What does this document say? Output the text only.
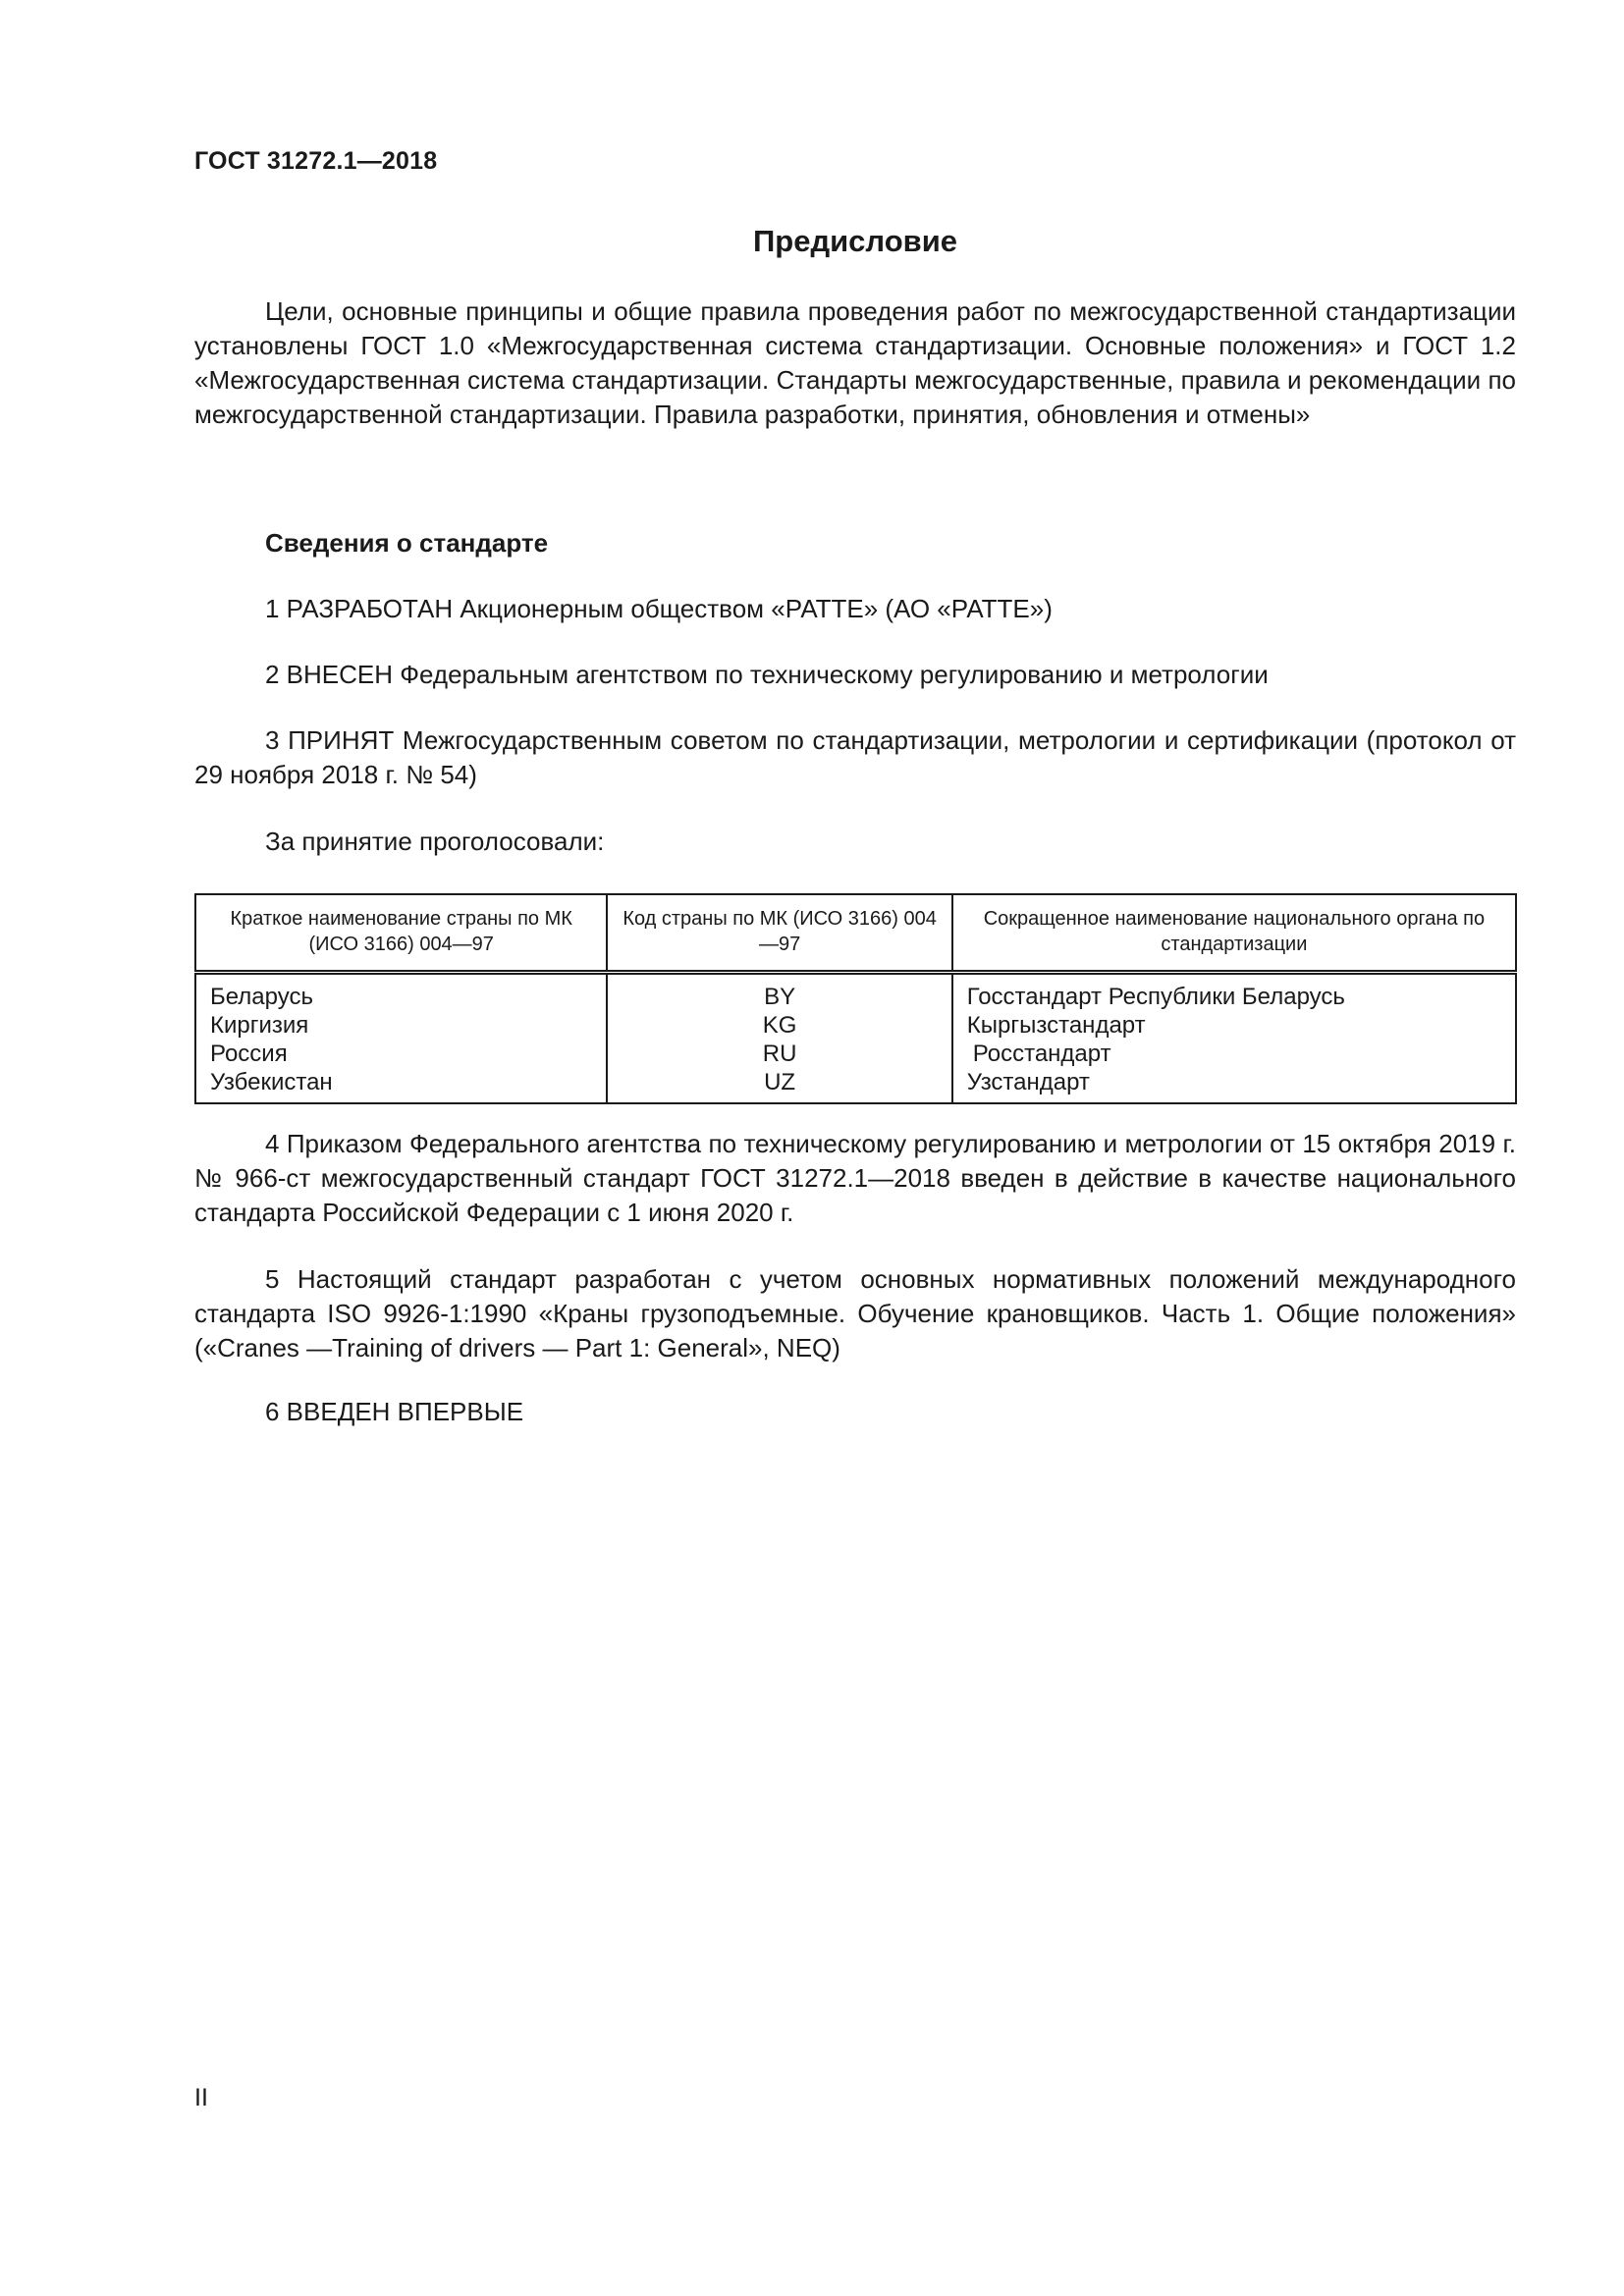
ГОСТ 31272.1—2018
Предисловие

Цели, основные принципы и общие правила проведения работ по межгосударственной стандартизации установлены ГОСТ 1.0 «Межгосударственная система стандартизации. Основные положения» и ГОСТ 1.2 «Межгосударственная система стандартизации. Стандарты межгосударственные, правила и рекомендации по межгосударственной стандартизации. Правила разработки, принятия, обновления и отмены»

Сведения о стандарте

1 РАЗРАБОТАН Акционерным обществом «РАТТЕ» (АО «РАТТЕ»)

2 ВНЕСЕН Федеральным агентством по техническому регулированию и метрологии

3 ПРИНЯТ Межгосударственным советом по стандартизации, метрологии и сертификации (протокол от 29 ноября 2018 г. № 54)

За принятие проголосовали:

Краткое наименование страны по МК (ИСО 3166) 004—97	Код страны по МК (ИСО 3166) 004—97	Сокращенное наименование национального органа по стандартизации
Беларусь	BY	Госстандарт Республики Беларусь
Киргизия	KG	Кыргызстандарт
Россия	RU	Росстандарт
Узбекистан	UZ	Узстандарт

4 Приказом Федерального агентства по техническому регулированию и метрологии от 15 октября 2019 г. № 966-ст межгосударственный стандарт ГОСТ 31272.1—2018 введен в действие в качестве национального стандарта Российской Федерации с 1 июня 2020 г.

5 Настоящий стандарт разработан с учетом основных нормативных положений международного стандарта ISO 9926-1:1990 «Краны грузоподъемные. Обучение крановщиков. Часть 1. Общие положения» («Cranes —Training of drivers — Part 1: General», NEQ)

6 ВВЕДЕН ВПЕРВЫЕ

II
